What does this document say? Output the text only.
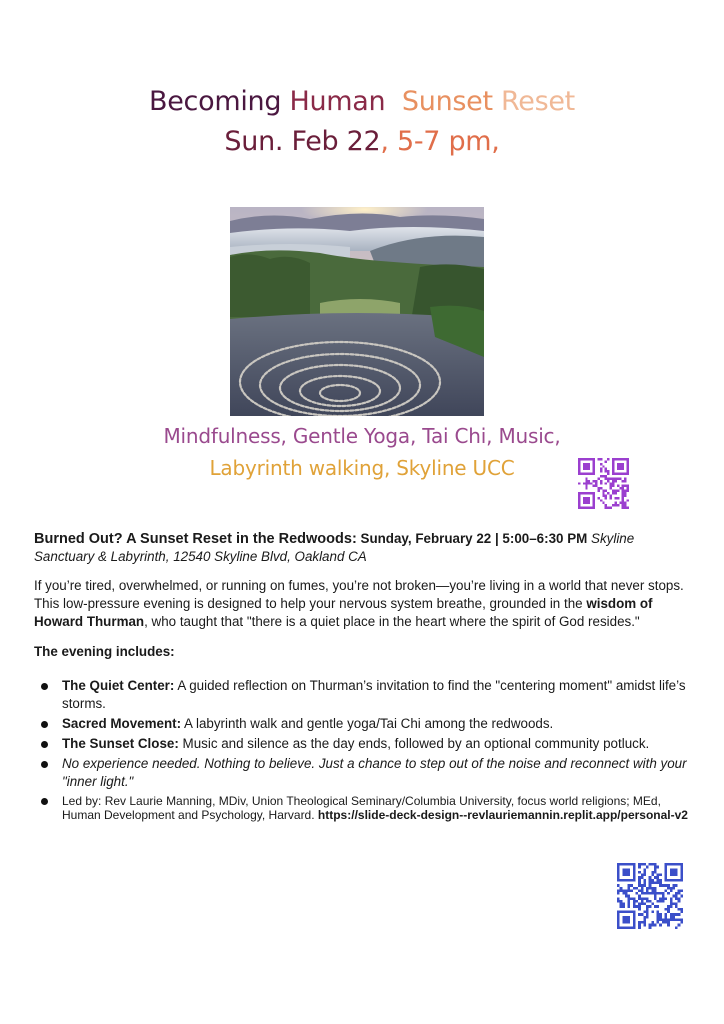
Becoming Human Sunset Reset
Sun. Feb 22, 5-7 pm,
Mindfulness, Gentle Yoga, Tai Chi, Music,
Labyrinth walking, Skyline UCC

Burned Out? A Sunset Reset in the Redwoods: Sunday, February 22 | 5:00–6:30 PM Skyline Sanctuary & Labyrinth, 12540 Skyline Blvd, Oakland CA

If you’re tired, overwhelmed, or running on fumes, you’re not broken—you’re living in a world that never stops. This low-pressure evening is designed to help your nervous system breathe, grounded in the wisdom of Howard Thurman, who taught that "there is a quiet place in the heart where the spirit of God resides."

The evening includes:

The Quiet Center: A guided reflection on Thurman’s invitation to find the "centering moment" amidst life’s storms.
Sacred Movement: A labyrinth walk and gentle yoga/Tai Chi among the redwoods.
The Sunset Close: Music and silence as the day ends, followed by an optional community potluck.
No experience needed. Nothing to believe. Just a chance to step out of the noise and reconnect with your "inner light."
Led by: Rev Laurie Manning, MDiv, Union Theological Seminary/Columbia University, focus world religions; MEd, Human Development and Psychology, Harvard. https://slide-deck-design--revlauriemannin.replit.app/personal-v2
